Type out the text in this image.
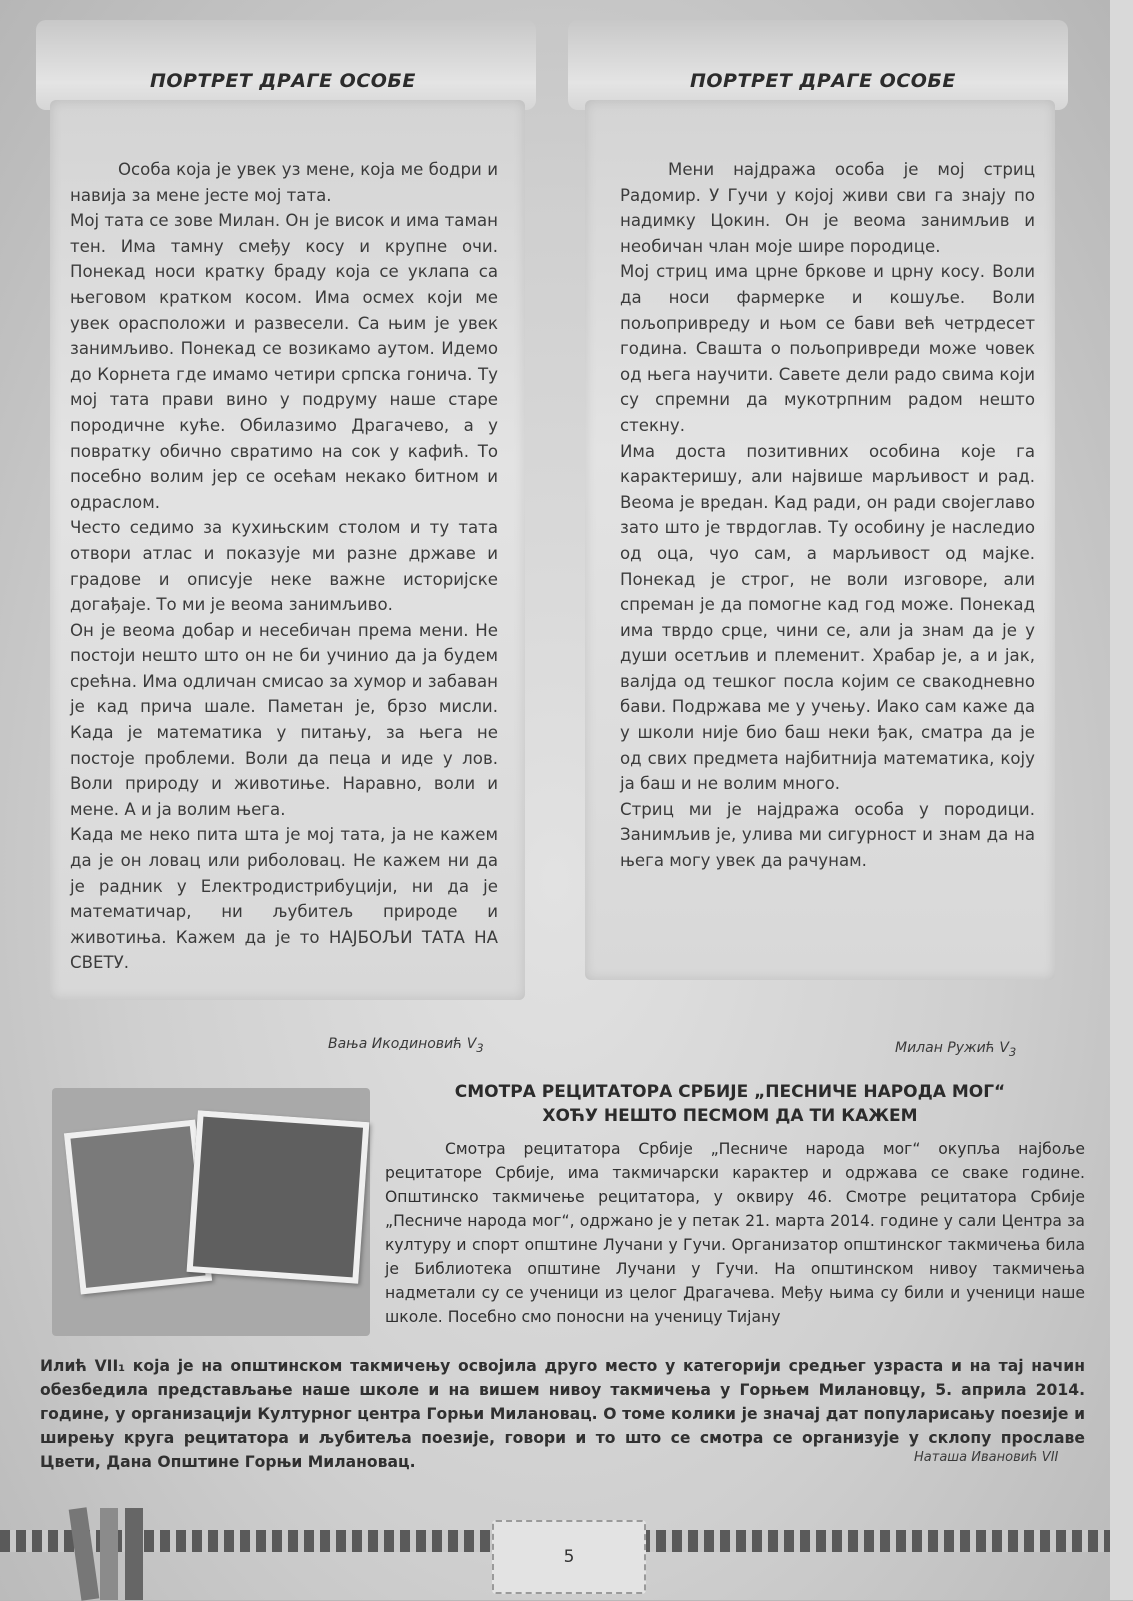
ПОРТРЕТ ДРАГЕ ОСОБЕ

Особа која је увек уз мене, која ме бодри и навија за мене јесте мој тата.

Мој тата се зове Милан. Он је висок и има таман тен. Има тамну смеђу косу и крупне очи. Понекад носи кратку браду која се уклапа са његовом кратком косом. Има осмех који ме увек орасположи и развесели. Са њим је увек занимљиво. Понекад се возикамо аутом. Идемо до Корнета где имамо четири српска гонича. Ту мој тата прави вино у подруму наше старе породичне куће. Обилазимо Драгачево, а у повратку обично свратимо на сок у кафић. То посебно волим јер се осећам некако битном и одраслом.

Често седимо за кухињским столом и ту тата отвори атлас и показује ми разне државе и градове и описује неке важне историјске догађаје. То ми је веома занимљиво.

Он је веома добар и несебичан према мени. Не постоји нешто што он не би учинио да ја будем срећна. Има одличан смисао за хумор и забаван је кад прича шале. Паметан је, брзо мисли. Када је математика у питању, за њега не постоје проблеми. Воли да пеца и иде у лов. Воли природу и животиње. Наравно, воли и мене. А и ја волим њега.

Када ме неко пита шта је мој тата, ја не кажем да је он ловац или риболовац. Не кажем ни да је радник у Електродистрибуцији, ни да је математичар, ни љубитељ природе и животиња. Кажем да је то НАЈБОЉИ ТАТА НА СВЕТУ.

Вања Икодиновић $V_3$
ПОРТРЕТ ДРАГЕ ОСОБЕ

Мени најдража особа је мој стриц Радомир. У Гучи у којој живи сви га знају по надимку Цокин. Он је веома занимљив и необичан члан моје шире породице.

Мој стриц има црне бркове и црну косу. Воли да носи фармерке и кошуље. Воли пољопривреду и њом се бави већ четрдесет година. Свашта о пољопривреди може човек од њега научити. Савете дели радо свима који су спремни да мукотрпним радом нешто стекну.

Има доста позитивних особина које га карактеришу, али највише марљивост и рад. Веома је вредан. Кад ради, он ради својеглаво зато што је тврдоглав. Ту особину је наследио од оца, чуо сам, а марљивост од мајке. Понекад је строг, не воли изговоре, али спреман је да помогне кад год може. Понекад има тврдо срце, чини се, али ја знам да је у души осетљив и племенит. Храбар је, а и јак, валјда од тешког посла којим се свакодневно бави. Подржава ме у учењу. Иако сам каже да у школи није био баш неки ђак, сматра да је од свих предмета најбитнија математика, коју ја баш и не волим много.

Стриц ми је најдража особа у породици. Занимљив је, улива ми сигурност и знам да на њега могу увек да рачунам.

Милан Ружић $V_3$
СМОТРА РЕЦИТАТОРА СРБИЈЕ „ПЕСНИЧЕ НАРОДА МОГ“
ХОЋУ НЕШТО ПЕСМОМ ДА ТИ КАЖЕМ

Смотра рецитатора Србије „Песниче народа мог“ окупља најбоље рецитаторе Србије, има такмичарски карактер и одржава се сваке године. Општинско такмичење рецитатора, у оквиру 46. Смотре рецитатора Србије „Песниче народа мог“, одржано је у петак 21. марта 2014. године у сали Центра за културу и спорт општине Лучани у Гучи. Организатор општинског такмичења била је Библиотека општине Лучани у Гучи. На општинском нивоу такмичења надметали су се ученици из целог Драгачева. Међу њима су били и ученици наше школе. Посебно смо поносни на ученицу Тијану

Илић VII₁ која је на општинском такмичењу освојила друго место у категорији средњег узраста и на тај начин обезбедила представљање наше школе и на вишем нивоу такмичења у Горњем Милановцу, 5. априла 2014. године, у организацији Културног центра Горњи Милановац. О томе колики је значај дат популарисању поезије и ширењу круга рецитатора и љубитеља поезије, говори и то што се смотра се организује у склопу прославе Цвети, Дана Општине Горњи Милановац.	Наташа Ивановић VII
5
